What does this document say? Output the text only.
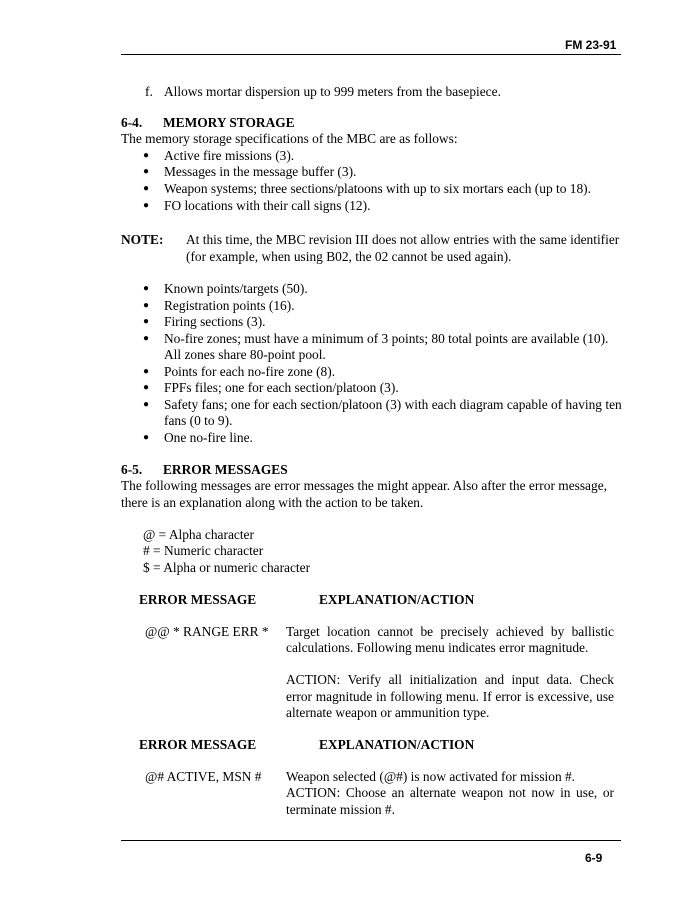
FM 23-91
f. Allows mortar dispersion up to 999 meters from the basepiece.
6-4. MEMORY STORAGE
The memory storage specifications of the MBC are as follows:
● Active fire missions (3).
● Messages in the message buffer (3).
● Weapon systems; three sections/platoons with up to six mortars each (up to 18).
● FO locations with their call signs (12).
NOTE: At this time, the MBC revision III does not allow entries with the same identifier
(for example, when using B02, the 02 cannot be used again).
● Known points/targets (50).
● Registration points (16).
● Firing sections (3).
● No-fire zones; must have a minimum of 3 points; 80 total points are available (10).
All zones share 80-point pool.
● Points for each no-fire zone (8).
● FPFs files; one for each section/platoon (3).
● Safety fans; one for each section/platoon (3) with each diagram capable of having ten
fans (0 to 9).
● One no-fire line.
6-5. ERROR MESSAGES
The following messages are error messages the might appear. Also after the error message,
there is an explanation along with the action to be taken.
@ = Alpha character
# = Numeric character
$ = Alpha or numeric character
ERROR MESSAGE	EXPLANATION/ACTION
@@ * RANGE ERR * Target location cannot be precisely achieved by ballistic
calculations. Following menu indicates error magnitude.
ACTION: Verify all initialization and input data. Check
error magnitude in following menu. If error is excessive, use
alternate weapon or ammunition type.
ERROR MESSAGE	EXPLANATION/ACTION
@# ACTIVE, MSN # Weapon selected (@#) is now activated for mission #.
ACTION: Choose an alternate weapon not now in use, or
terminate mission #.
6-9
